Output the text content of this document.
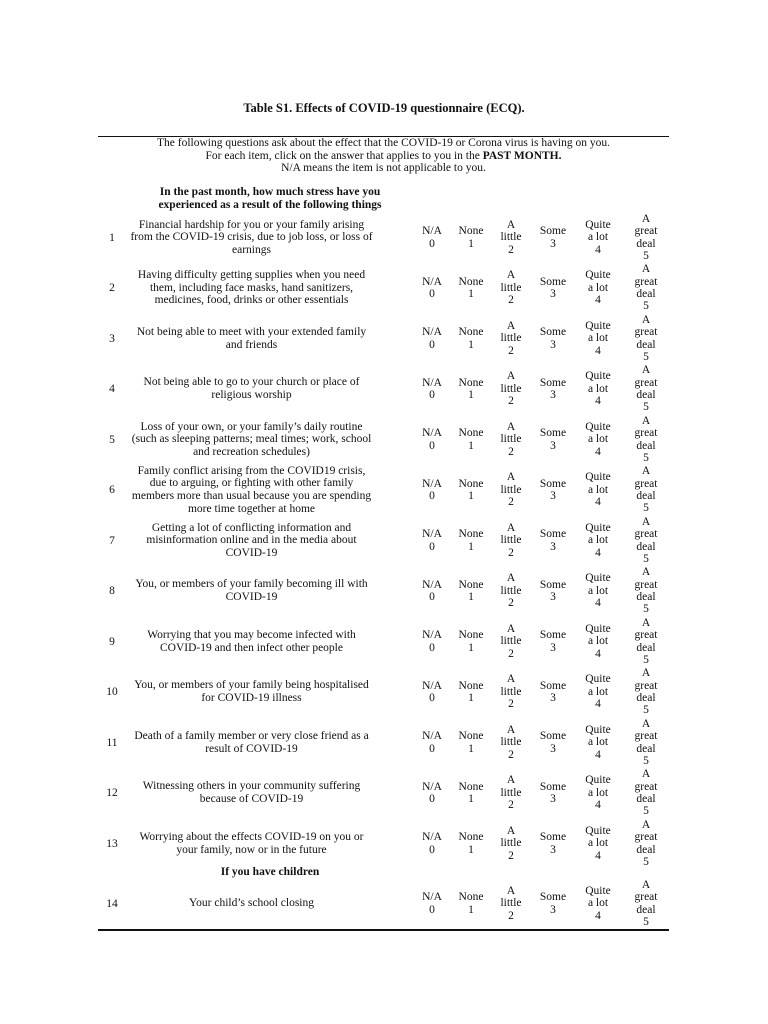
Table S1. Effects of COVID-19 questionnaire (ECQ).
The following questions ask about the effect that the COVID-19 or Corona virus is having on you.
For each item, click on the answer that applies to you in the PAST MONTH.
N/A means the item is not applicable to you.
In the past month, how much stress have you experienced as a result of the following things
1
Financial hardship for you or your family arising from the COVID-19 crisis, due to job loss, or loss of earnings
N/A
0
None
1
A
little
2
Some
3
Quite
a lot
4
A
great
deal
5
2
Having difficulty getting supplies when you need them, including face masks, hand sanitizers, medicines, food, drinks or other essentials
N/A
0
None
1
A
little
2
Some
3
Quite
a lot
4
A
great
deal
5
3
Not being able to meet with your extended family and friends
N/A
0
None
1
A
little
2
Some
3
Quite
a lot
4
A
great
deal
5
4
Not being able to go to your church or place of religious worship
N/A
0
None
1
A
little
2
Some
3
Quite
a lot
4
A
great
deal
5
5
Loss of your own, or your family’s daily routine (such as sleeping patterns; meal times; work, school and recreation schedules)
N/A
0
None
1
A
little
2
Some
3
Quite
a lot
4
A
great
deal
5
6
Family conflict arising from the COVID19 crisis, due to arguing, or fighting with other family members more than usual because you are spending more time together at home
N/A
0
None
1
A
little
2
Some
3
Quite
a lot
4
A
great
deal
5
7
Getting a lot of conflicting information and misinformation online and in the media about COVID-19
N/A
0
None
1
A
little
2
Some
3
Quite
a lot
4
A
great
deal
5
8
You, or members of your family becoming ill with COVID-19
N/A
0
None
1
A
little
2
Some
3
Quite
a lot
4
A
great
deal
5
9
Worrying that you may become infected with COVID-19 and then infect other people
N/A
0
None
1
A
little
2
Some
3
Quite
a lot
4
A
great
deal
5
10
You, or members of your family being hospitalised for COVID-19 illness
N/A
0
None
1
A
little
2
Some
3
Quite
a lot
4
A
great
deal
5
11
Death of a family member or very close friend as a result of COVID-19
N/A
0
None
1
A
little
2
Some
3
Quite
a lot
4
A
great
deal
5
12
Witnessing others in your community suffering because of COVID-19
N/A
0
None
1
A
little
2
Some
3
Quite
a lot
4
A
great
deal
5
13
Worrying about the effects COVID-19 on you or your family, now or in the future
N/A
0
None
1
A
little
2
Some
3
Quite
a lot
4
A
great
deal
5
14	Your child’s school closing
N/A
0
None
1
A
little
2
Some
3
Quite
a lot
4
A
great
deal
5
If you have children
